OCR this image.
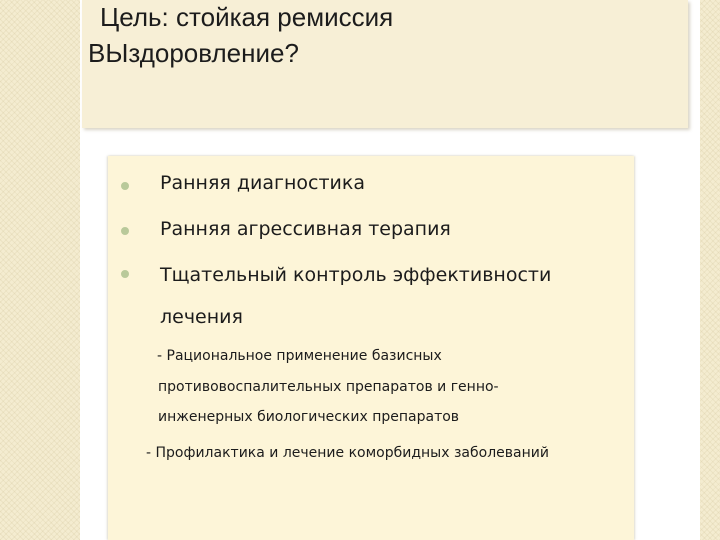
Цель: стойкая ремиссия
ВЫздоровление?
Ранняя диагностика
Ранняя агрессивная терапия
Тщательный контроль эффективности
лечения
- Рациональное применение базисных
противовоспалительных препаратов и генно-
инженерных биологических препаратов
- Профилактика и лечение коморбидных заболеваний
